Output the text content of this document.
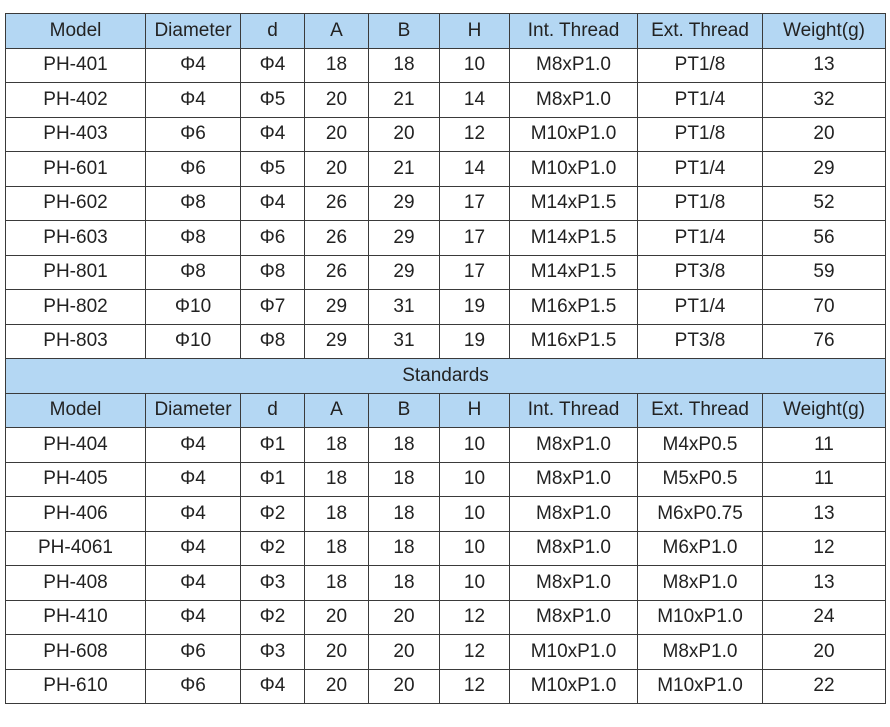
Model	Diameter	d	A	B	H	Int. Thread	Ext. Thread	Weight(g)
PH-401	Φ4	Φ4	18	18	10	M8xP1.0	PT1/8	13
PH-402	Φ4	Φ5	20	21	14	M8xP1.0	PT1/4	32
PH-403	Φ6	Φ4	20	20	12	M10xP1.0	PT1/8	20
PH-601	Φ6	Φ5	20	21	14	M10xP1.0	PT1/4	29
PH-602	Φ8	Φ4	26	29	17	M14xP1.5	PT1/8	52
PH-603	Φ8	Φ6	26	29	17	M14xP1.5	PT1/4	56
PH-801	Φ8	Φ8	26	29	17	M14xP1.5	PT3/8	59
PH-802	Φ10	Φ7	29	31	19	M16xP1.5	PT1/4	70
PH-803	Φ10	Φ8	29	31	19	M16xP1.5	PT3/8	76
Standards								
Model	Diameter	d	A	B	H	Int. Thread	Ext. Thread	Weight(g)
PH-404	Φ4	Φ1	18	18	10	M8xP1.0	M4xP0.5	11
PH-405	Φ4	Φ1	18	18	10	M8xP1.0	M5xP0.5	11
PH-406	Φ4	Φ2	18	18	10	M8xP1.0	M6xP0.75	13
PH-4061	Φ4	Φ2	18	18	10	M8xP1.0	M6xP1.0	12
PH-408	Φ4	Φ3	18	18	10	M8xP1.0	M8xP1.0	13
PH-410	Φ4	Φ2	20	20	12	M8xP1.0	M10xP1.0	24
PH-608	Φ6	Φ3	20	20	12	M10xP1.0	M8xP1.0	20
PH-610	Φ6	Φ4	20	20	12	M10xP1.0	M10xP1.0	22
